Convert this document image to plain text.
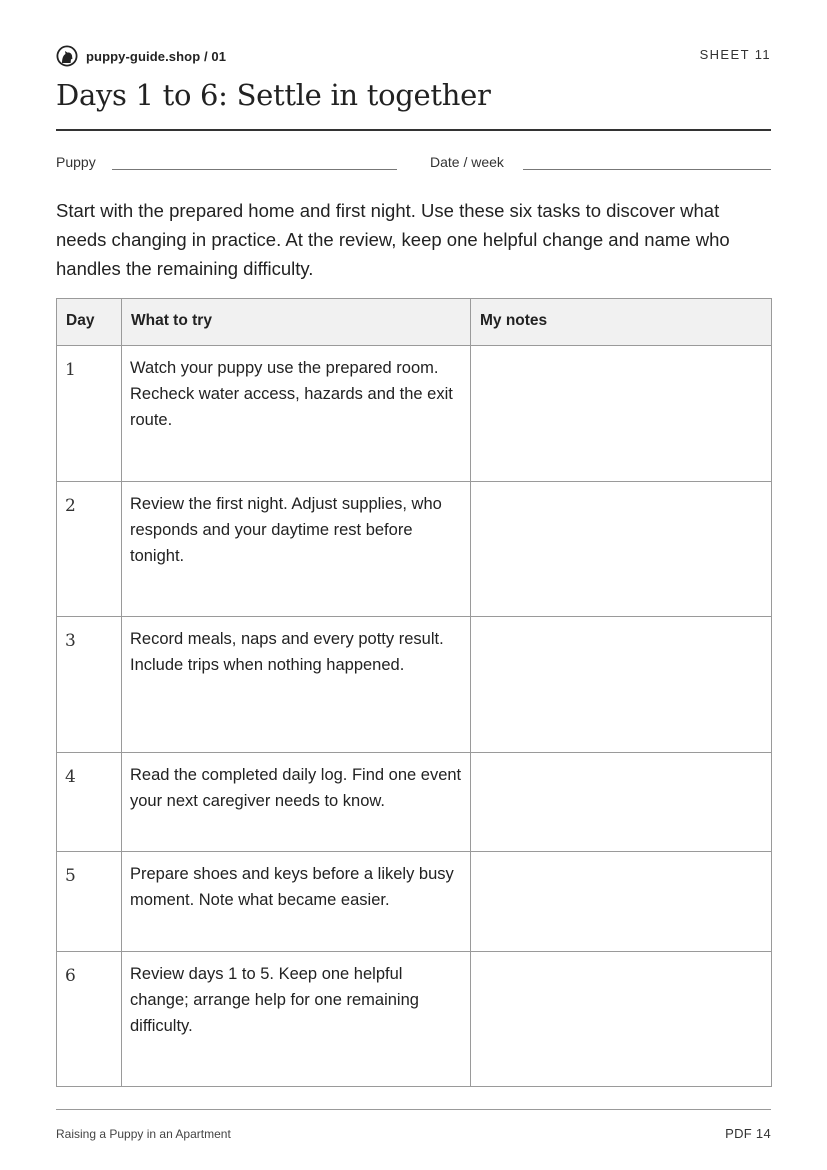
puppy-guide.shop / 01	SHEET 11
Days 1 to 6: Settle in together
Puppy	Date / week

Start with the prepared home and first night. Use these six tasks to discover what needs changing in practice. At the review, keep one helpful change and name who handles the remaining difficulty.

Day	What to try	My notes
1	Watch your puppy use the prepared room. Recheck water access, hazards and the exit route.	
2	Review the first night. Adjust supplies, who responds and your daytime rest before tonight.	
3	Record meals, naps and every potty result. Include trips when nothing happened.	
4	Read the completed daily log. Find one event your next caregiver needs to know.	
5	Prepare shoes and keys before a likely busy moment. Note what became easier.	
6	Review days 1 to 5. Keep one helpful change; arrange help for one remaining difficulty.	
Raising a Puppy in an Apartment	PDF 14
